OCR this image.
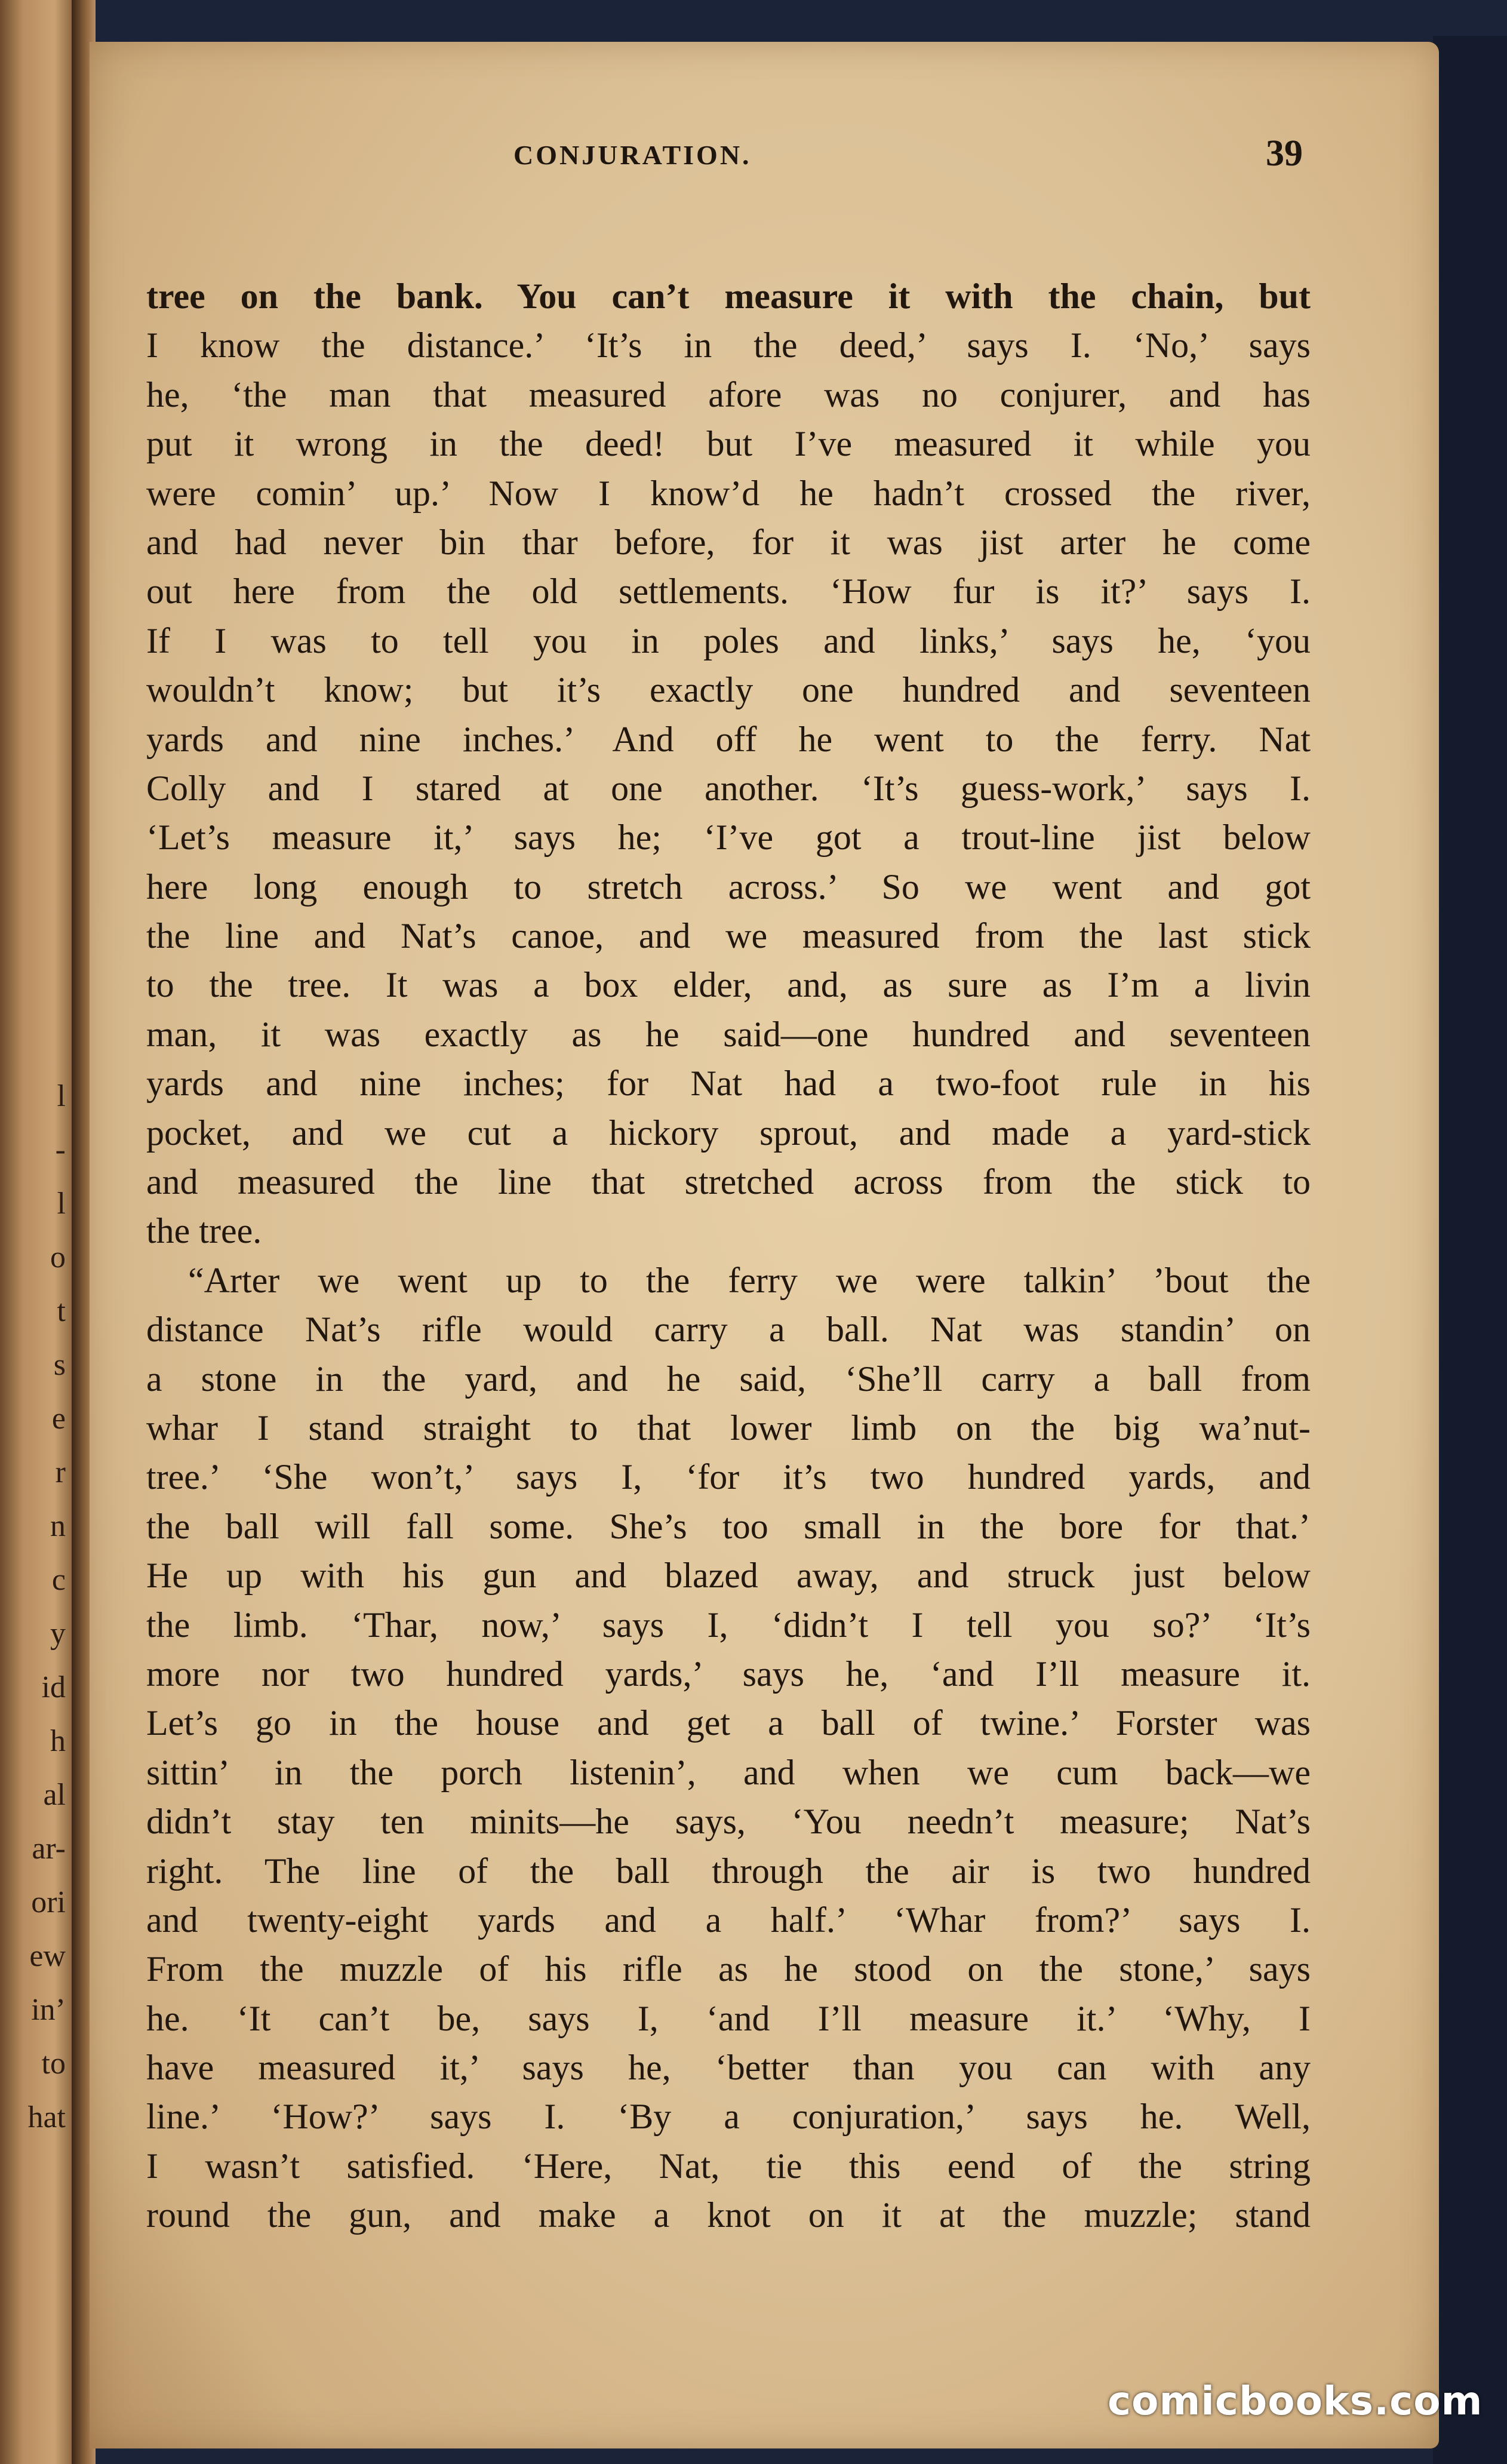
l
-
l
o
t
s
e
r
n
c
y
id
h
al
ar-
ori
ew
in’
to
hat
CONJURATION.	39
tree on the bank. You can’t measure it with the chain, but
I know the distance.’ ‘It’s in the deed,’ says I. ‘No,’ says
he, ‘the man that measured afore was no conjurer, and has
put it wrong in the deed! but I’ve measured it while you
were comin’ up.’ Now I know’d he hadn’t crossed the river,
and had never bin thar before, for it was jist arter he come
out here from the old settlements. ‘How fur is it?’ says I.
If I was to tell you in poles and links,’ says he, ‘you
wouldn’t know; but it’s exactly one hundred and seventeen
yards and nine inches.’ And off he went to the ferry. Nat
Colly and I stared at one another. ‘It’s guess-work,’ says I.
‘Let’s measure it,’ says he; ‘I’ve got a trout-line jist below
here long enough to stretch across.’ So we went and got
the line and Nat’s canoe, and we measured from the last stick
to the tree. It was a box elder, and, as sure as I’m a livin
man, it was exactly as he said—one hundred and seventeen
yards and nine inches; for Nat had a two-foot rule in his
pocket, and we cut a hickory sprout, and made a yard-stick
and measured the line that stretched across from the stick to
the tree.
“Arter we went up to the ferry we were talkin’ ’bout the
distance Nat’s rifle would carry a ball. Nat was standin’ on
a stone in the yard, and he said, ‘She’ll carry a ball from
whar I stand straight to that lower limb on the big wa’nut-
tree.’ ‘She won’t,’ says I, ‘for it’s two hundred yards, and
the ball will fall some. She’s too small in the bore for that.’
He up with his gun and blazed away, and struck just below
the limb. ‘Thar, now,’ says I, ‘didn’t I tell you so?’ ‘It’s
more nor two hundred yards,’ says he, ‘and I’ll measure it.
Let’s go in the house and get a ball of twine.’ Forster was
sittin’ in the porch listenin’, and when we cum back—we
didn’t stay ten minits—he says, ‘You needn’t measure; Nat’s
right. The line of the ball through the air is two hundred
and twenty-eight yards and a half.’ ‘Whar from?’ says I.
From the muzzle of his rifle as he stood on the stone,’ says
he. ‘It can’t be, says I, ‘and I’ll measure it.’ ‘Why, I
have measured it,’ says he, ‘better than you can with any
line.’ ‘How?’ says I. ‘By a conjuration,’ says he. Well,
I wasn’t satisfied. ‘Here, Nat, tie this eend of the string
round the gun, and make a knot on it at the muzzle; stand
comicbooks.com
